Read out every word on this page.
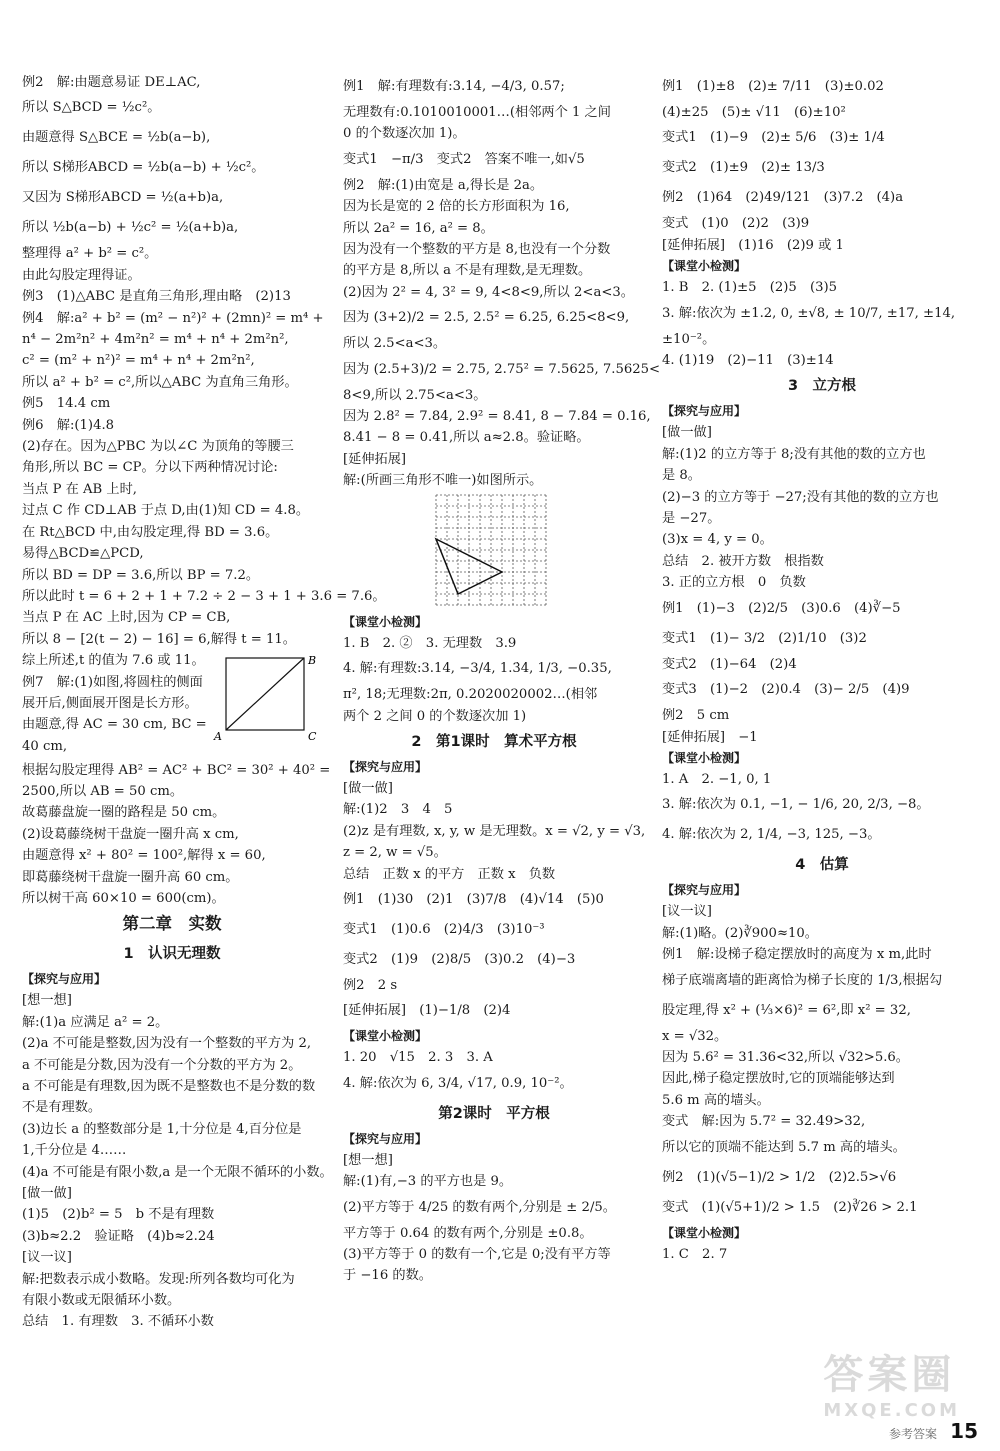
例2　解:由题意易证 DE⊥AC,
所以 S△BCD = ½c²。
由题意得 S△BCE = ½b(a−b),
所以 S梯形ABCD = ½b(a−b) + ½c²。
又因为 S梯形ABCD = ½(a+b)a,
所以 ½b(a−b) + ½c² = ½(a+b)a,
整理得 a² + b² = c²。
由此勾股定理得证。
例3　(1)△ABC 是直角三角形,理由略　(2)13
例4　解:a² + b² = (m² − n²)² + (2mn)² = m⁴ +
n⁴ − 2m²n² + 4m²n² = m⁴ + n⁴ + 2m²n²,
c² = (m² + n²)² = m⁴ + n⁴ + 2m²n²,
所以 a² + b² = c²,所以△ABC 为直角三角形。
例5　14.4 cm
例6　解:(1)4.8
(2)存在。因为△PBC 为以∠C 为顶角的等腰三
角形,所以 BC = CP。分以下两种情况讨论:
当点 P 在 AB 上时,
过点 C 作 CD⊥AB 于点 D,由(1)知 CD = 4.8。
在 Rt△BCD 中,由勾股定理,得 BD = 3.6。
易得△BCD≌△PCD,
所以 BD = DP = 3.6,所以 BP = 7.2。
所以此时 t = 6 + 2 + 1 + 7.2 ÷ 2 − 3 + 1 + 3.6 = 7.6。
当点 P 在 AC 上时,因为 CP = CB,
所以 8 − [2(t − 2) − 16] = 6,解得 t = 11。
综上所述,t 的值为 7.6 或 11。
例7　解:(1)如图,将圆柱的侧面
展开后,侧面展开图是长方形。
由题意,得 AC = 30 cm, BC =
40 cm,
B
A	C
根据勾股定理得 AB² = AC² + BC² = 30² + 40² =
2500,所以 AB = 50 cm。
故葛藤盘旋一圈的路程是 50 cm。
(2)设葛藤绕树干盘旋一圈升高 x cm,
由题意得 x² + 80² = 100²,解得 x = 60,
即葛藤绕树干盘旋一圈升高 60 cm。
所以树干高 60×10 = 600(cm)。
第二章　实数
1　认识无理数
【探究与应用】
[想一想]
解:(1)a 应满足 a² = 2。
(2)a 不可能是整数,因为没有一个整数的平方为 2,
a 不可能是分数,因为没有一个分数的平方为 2。
a 不可能是有理数,因为既不是整数也不是分数的数
不是有理数。
(3)边长 a 的整数部分是 1,十分位是 4,百分位是
1,千分位是 4……
(4)a 不可能是有限小数,a 是一个无限不循环的小数。
[做一做]
(1)5　(2)b² = 5　b 不是有理数
(3)b≈2.2　验证略　(4)b≈2.24
[议一议]
解:把数表示成小数略。发现:所列各数均可化为
有限小数或无限循环小数。
总结　1. 有理数　3. 不循环小数
例1　解:有理数有:3.14, −4/3, 0.5̇7̇;
无理数有:0.1010010001…(相邻两个 1 之间
0 的个数逐次加 1)。
变式1　−π/3　变式2　答案不唯一,如√5
例2　解:(1)由宽是 a,得长是 2a。
因为长是宽的 2 倍的长方形面积为 16,
所以 2a² = 16, a² = 8。
因为没有一个整数的平方是 8,也没有一个分数
的平方是 8,所以 a 不是有理数,是无理数。
(2)因为 2² = 4, 3² = 9, 4<8<9,所以 2<a<3。
因为 (3+2)/2 = 2.5, 2.5² = 6.25, 6.25<8<9,
所以 2.5<a<3。
因为 (2.5+3)/2 = 2.75, 2.75² = 7.5625, 7.5625<
8<9,所以 2.75<a<3。
因为 2.8² = 7.84, 2.9² = 8.41, 8 − 7.84 = 0.16,
8.41 − 8 = 0.41,所以 a≈2.8。验证略。
[延伸拓展]
解:(所画三角形不唯一)如图所示。
【课堂小检测】
1. B　2. ②　3. 无理数　3.9
4. 解:有理数:3.14, −3/4, 1.3̇4̇, 1/3, −0.35,
π², 18;无理数:2π, 0.2020020002…(相邻
两个 2 之间 0 的个数逐次加 1)
2　第1课时　算术平方根
【探究与应用】
[做一做]
解:(1)2　3　4　5
(2)z 是有理数, x, y, w 是无理数。x = √2, y = √3,
z = 2, w = √5。
总结　正数 x 的平方　正数 x　负数
例1　(1)30　(2)1　(3)7/8　(4)√14　(5)0
变式1　(1)0.6　(2)4/3　(3)10⁻³
变式2　(1)9　(2)8/5　(3)0.2　(4)−3
例2　2 s
[延伸拓展]　(1)−1/8　(2)4
【课堂小检测】
1. 20　√15　2. 3　3. A
4. 解:依次为 6, 3/4, √17, 0.9, 10⁻²。
第2课时　平方根
【探究与应用】
[想一想]
解:(1)有,−3 的平方也是 9。
(2)平方等于 4/25 的数有两个,分别是 ± 2/5。
平方等于 0.64 的数有两个,分别是 ±0.8。
(3)平方等于 0 的数有一个,它是 0;没有平方等
于 −16 的数。
例1　(1)±8　(2)± 7/11　(3)±0.02
(4)±25　(5)± √11　(6)±10²
变式1　(1)−9　(2)± 5/6　(3)± 1/4
变式2　(1)±9　(2)± 13/3
例2　(1)64　(2)49/121　(3)7.2　(4)a
变式　(1)0　(2)2　(3)9
[延伸拓展]　(1)16　(2)9 或 1
【课堂小检测】
1. B　2. (1)±5　(2)5　(3)5
3. 解:依次为 ±1.2, 0, ±√8, ± 10/7, ±17, ±14,
±10⁻²。
4. (1)19　(2)−11　(3)±14
3　立方根
【探究与应用】
[做一做]
解:(1)2 的立方等于 8;没有其他的数的立方也
是 8。
(2)−3 的立方等于 −27;没有其他的数的立方也
是 −27。
(3)x = 4, y = 0。
总结　2. 被开方数　根指数
3. 正的立方根　0　负数
例1　(1)−3　(2)2/5　(3)0.6　(4)∛−5
变式1　(1)− 3/2　(2)1/10　(3)2
变式2　(1)−64　(2)4
变式3　(1)−2　(2)0.4　(3)− 2/5　(4)9
例2　5 cm
[延伸拓展]　−1
【课堂小检测】
1. A　2. −1, 0, 1
3. 解:依次为 0.1, −1, − 1/6, 20, 2/3, −8。
4. 解:依次为 2, 1/4, −3, 125, −3。
4　估算
【探究与应用】
[议一议]
解:(1)略。(2)∛900≈10。
例1　解:设梯子稳定摆放时的高度为 x m,此时
梯子底端离墙的距离恰为梯子长度的 1/3,根据勾
股定理,得 x² + (⅓×6)² = 6²,即 x² = 32,
x = √32。
因为 5.6² = 31.36<32,所以 √32>5.6。
因此,梯子稳定摆放时,它的顶端能够达到
5.6 m 高的墙头。
变式　解:因为 5.7² = 32.49>32,
所以它的顶端不能达到 5.7 m 高的墙头。
例2　(1)(√5−1)/2 > 1/2　(2)2.5>√6
变式　(1)(√5+1)/2 > 1.5　(2)∛26 > 2.1
【课堂小检测】
1. C　2. 7
答案圈
MXQE.COM
参考答案 15
